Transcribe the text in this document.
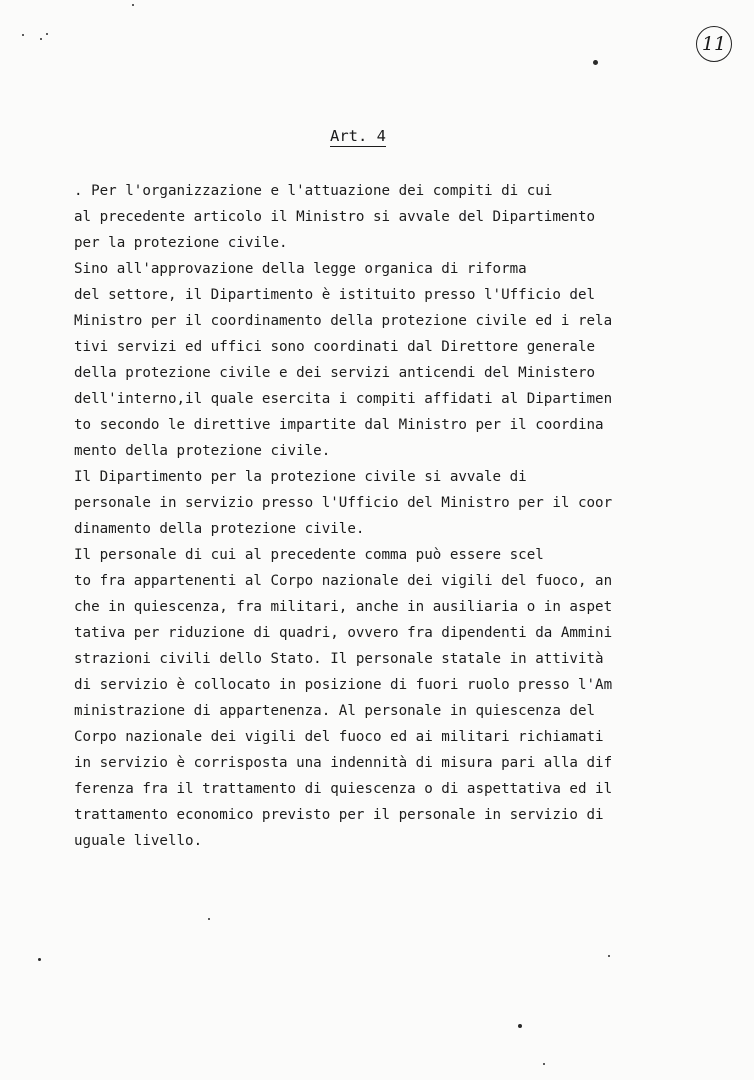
11
Art. 4
. Per l'organizzazione e l'attuazione dei compiti di cui
al precedente articolo il Ministro si avvale del Dipartimento
per la protezione civile.
Sino all'approvazione della legge organica di riforma
del settore, il Dipartimento è istituito presso l'Ufficio del
Ministro per il coordinamento della protezione civile ed i rela
tivi servizi ed uffici sono coordinati dal Direttore generale
della protezione civile e dei servizi anticendi del Ministero
dell'interno,il quale esercita i compiti affidati al Dipartimen
to secondo le direttive impartite dal Ministro per il coordina
mento della protezione civile.
Il Dipartimento per la protezione civile si avvale di
personale in servizio presso l'Ufficio del Ministro per il coor
dinamento della protezione civile.
Il personale di cui al precedente comma può essere scel
to fra appartenenti al Corpo nazionale dei vigili del fuoco, an
che in quiescenza, fra militari, anche in ausiliaria o in aspet
tativa per riduzione di quadri, ovvero fra dipendenti da Ammini
strazioni civili dello Stato. Il personale statale in attività
di servizio è collocato in posizione di fuori ruolo presso l'Am
ministrazione di appartenenza. Al personale in quiescenza del
Corpo nazionale dei vigili del fuoco ed ai militari richiamati
in servizio è corrisposta una indennità di misura pari alla dif
ferenza fra il trattamento di quiescenza o di aspettativa ed il
trattamento economico previsto per il personale in servizio di
uguale livello.
